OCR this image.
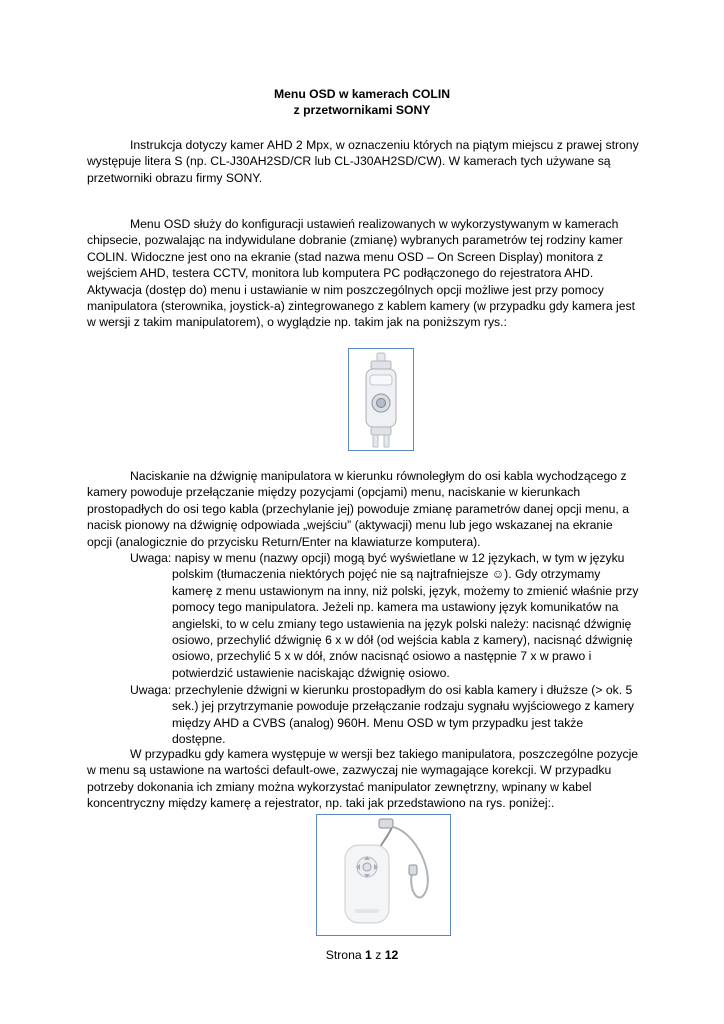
Menu OSD w kamerach COLIN
z przetwornikami SONY

Instrukcja dotyczy kamer AHD 2 Mpx, w oznaczeniu których na piątym miejscu z prawej strony występuje litera S (np. CL-J30AH2SD/CR lub CL-J30AH2SD/CW). W kamerach tych używane są przetworniki obrazu firmy SONY.

Menu OSD służy do konfiguracji ustawień realizowanych w wykorzystywanym w kamerach chipsecie, pozwalając na indywidulane dobranie (zmianę) wybranych parametrów tej rodziny kamer COLIN. Widoczne jest ono na ekranie (stad nazwa menu OSD – On Screen Display) monitora z wejściem AHD, testera CCTV, monitora lub komputera PC podłączonego do rejestratora AHD. Aktywacja (dostęp do) menu i ustawianie w nim poszczególnych opcji możliwe jest przy pomocy manipulatora (sterownika, joystick-a) zintegrowanego z kablem kamery (w przypadku gdy kamera jest w wersji z takim manipulatorem), o wyglądzie np. takim jak na poniższym rys.:

Naciskanie na dźwignię manipulatora w kierunku równoległym do osi kabla wychodzącego z kamery powoduje przełączanie między pozycjami (opcjami) menu, naciskanie w kierunkach prostopadłych do osi tego kabla (przechylanie jej) powoduje zmianę parametrów danej opcji menu, a nacisk pionowy na dźwignię odpowiada „wejściu” (aktywacji) menu lub jego wskazanej na ekranie opcji (analogicznie do przycisku Return/Enter na klawiaturze komputera).

Uwaga: napisy w menu (nazwy opcji) mogą być wyświetlane w 12 językach, w tym w języku polskim (tłumaczenia niektórych pojęć nie są najtrafniejsze ☺). Gdy otrzymamy kamerę z menu ustawionym na inny, niż polski, język, możemy to zmienić właśnie przy pomocy tego manipulatora. Jeżeli np. kamera ma ustawiony język komunikatów na angielski, to w celu zmiany tego ustawienia na język polski należy: nacisnąć dźwignię osiowo, przechylić dźwignię 6 x w dół (od wejścia kabla z kamery), nacisnąć dźwignię osiowo, przechylić 5 x w dół, znów nacisnąć osiowo a następnie 7 x w prawo i potwierdzić ustawienie naciskając dźwignię osiowo.

Uwaga: przechylenie dźwigni w kierunku prostopadłym do osi kabla kamery i dłuższe (> ok. 5 sek.) jej przytrzymanie powoduje przełączanie rodzaju sygnału wyjściowego z kamery między AHD a CVBS (analog) 960H. Menu OSD w tym przypadku jest także dostępne.

W przypadku gdy kamera występuje w wersji bez takiego manipulatora, poszczególne pozycje w menu są ustawione na wartości default-owe, zazwyczaj nie wymagające korekcji. W przypadku potrzeby dokonania ich zmiany można wykorzystać manipulator zewnętrzny, wpinany w kabel koncentryczny między kamerę a rejestrator, np. taki jak przedstawiono na rys. poniżej:.

Strona 1 z 12
